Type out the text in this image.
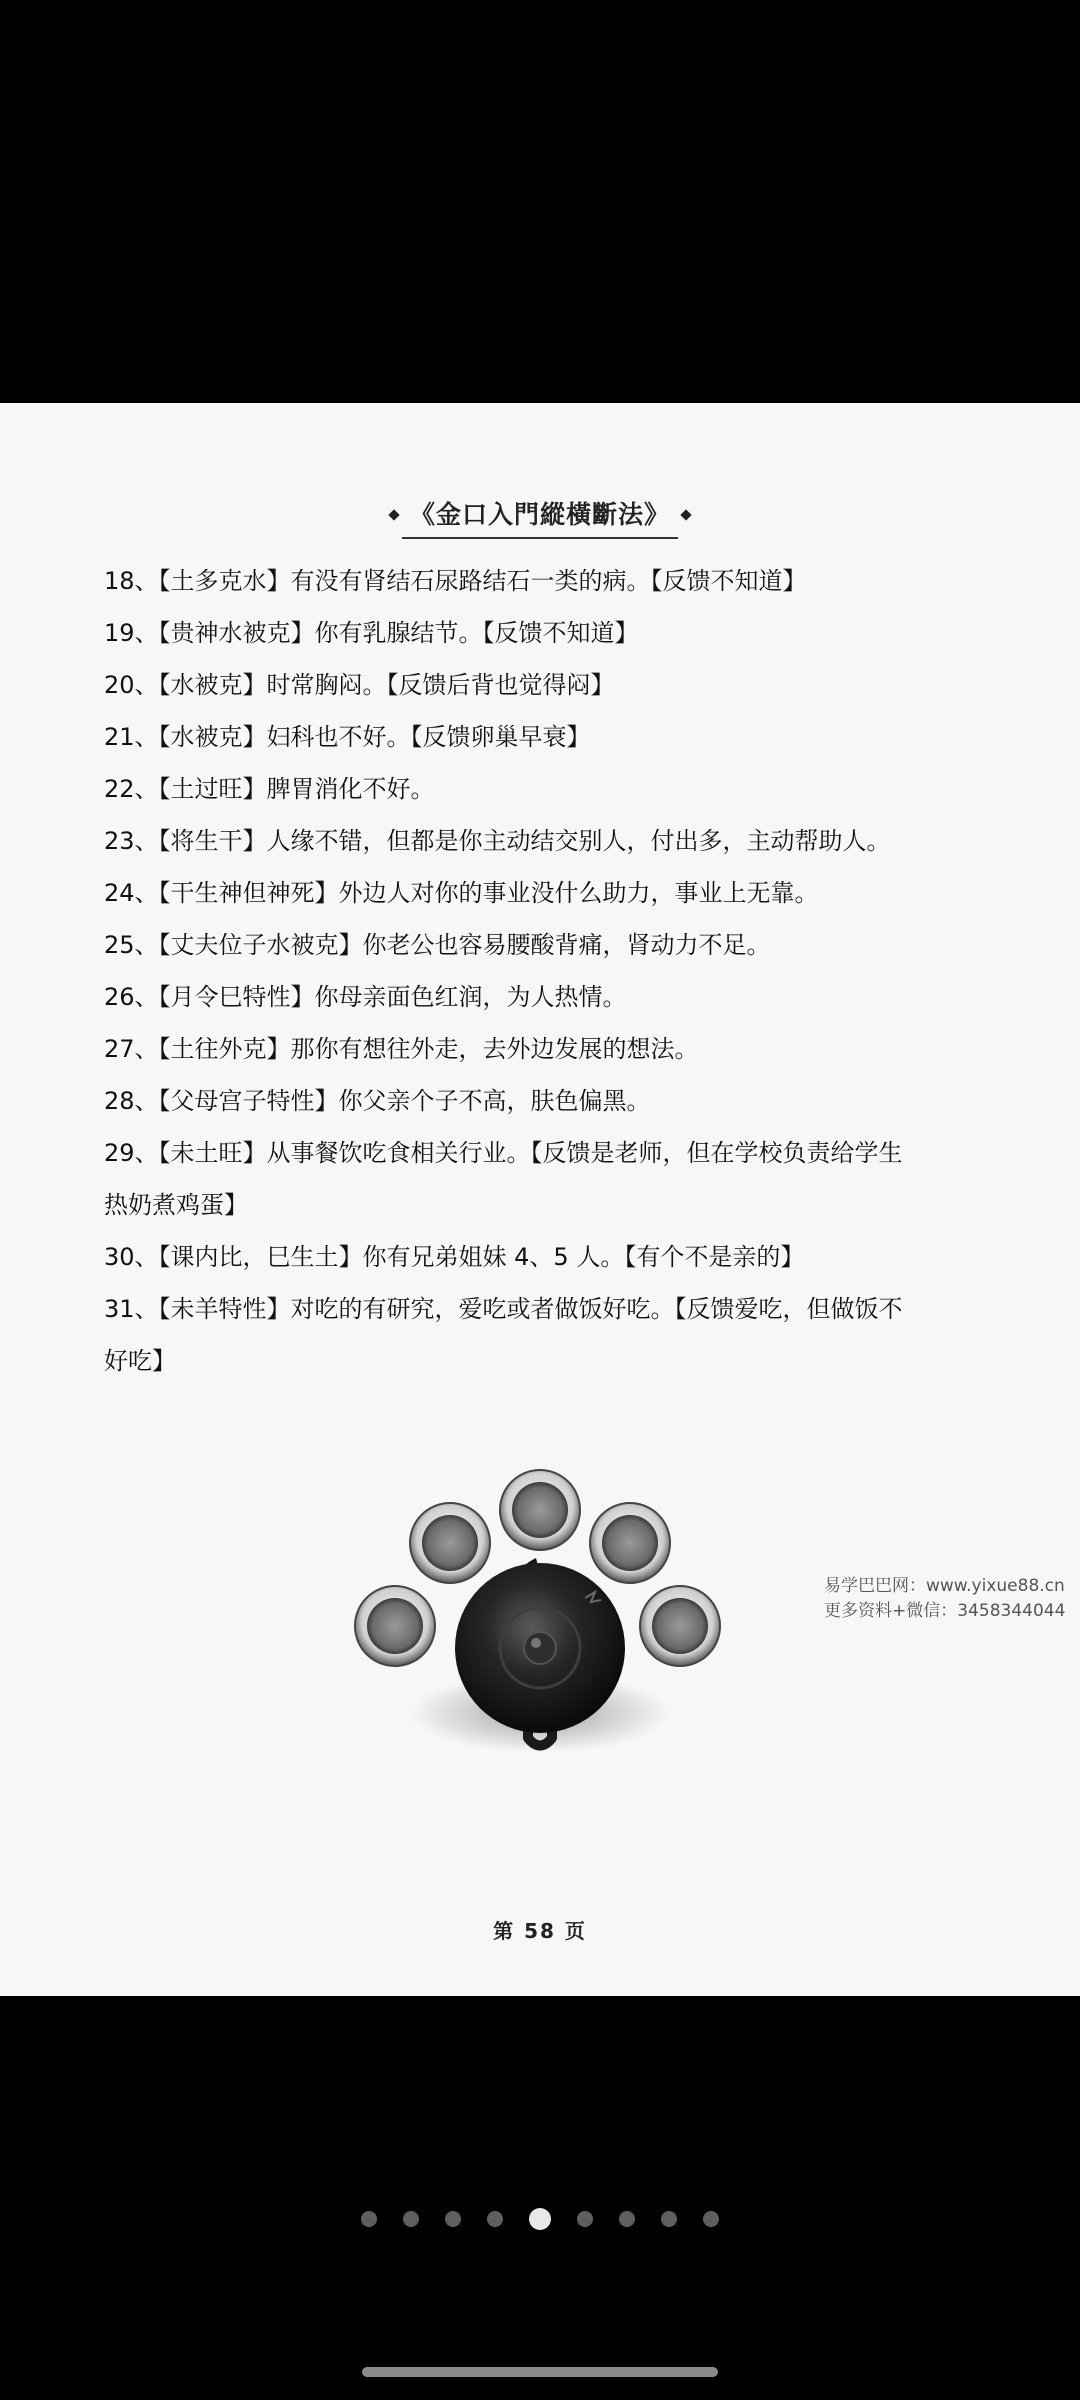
《金口入門縱橫斷法》
18、【土多克水】有没有肾结石尿路结石一类的病。【反馈不知道】
19、【贵神水被克】你有乳腺结节。【反馈不知道】
20、【水被克】时常胸闷。【反馈后背也觉得闷】
21、【水被克】妇科也不好。【反馈卵巢早衰】
22、【土过旺】脾胃消化不好。
23、【将生干】人缘不错，但都是你主动结交别人，付出多，主动帮助人。
24、【干生神但神死】外边人对你的事业没什么助力，事业上无靠。
25、【丈夫位子水被克】你老公也容易腰酸背痛，肾动力不足。
26、【月令巳特性】你母亲面色红润，为人热情。
27、【土往外克】那你有想往外走，去外边发展的想法。
28、【父母宫子特性】你父亲个子不高，肤色偏黑。
29、【未土旺】从事餐饮吃食相关行业。【反馈是老师，但在学校负责给学生
热奶煮鸡蛋】
30、【课内比，巳生土】你有兄弟姐妹 4、5 人。【有个不是亲的】
31、【未羊特性】对吃的有研究，爱吃或者做饭好吃。【反馈爱吃，但做饭不
好吃】
第 58 页
易学巴巴网：www.yixue88.cn
更多资料+微信：3458344044
